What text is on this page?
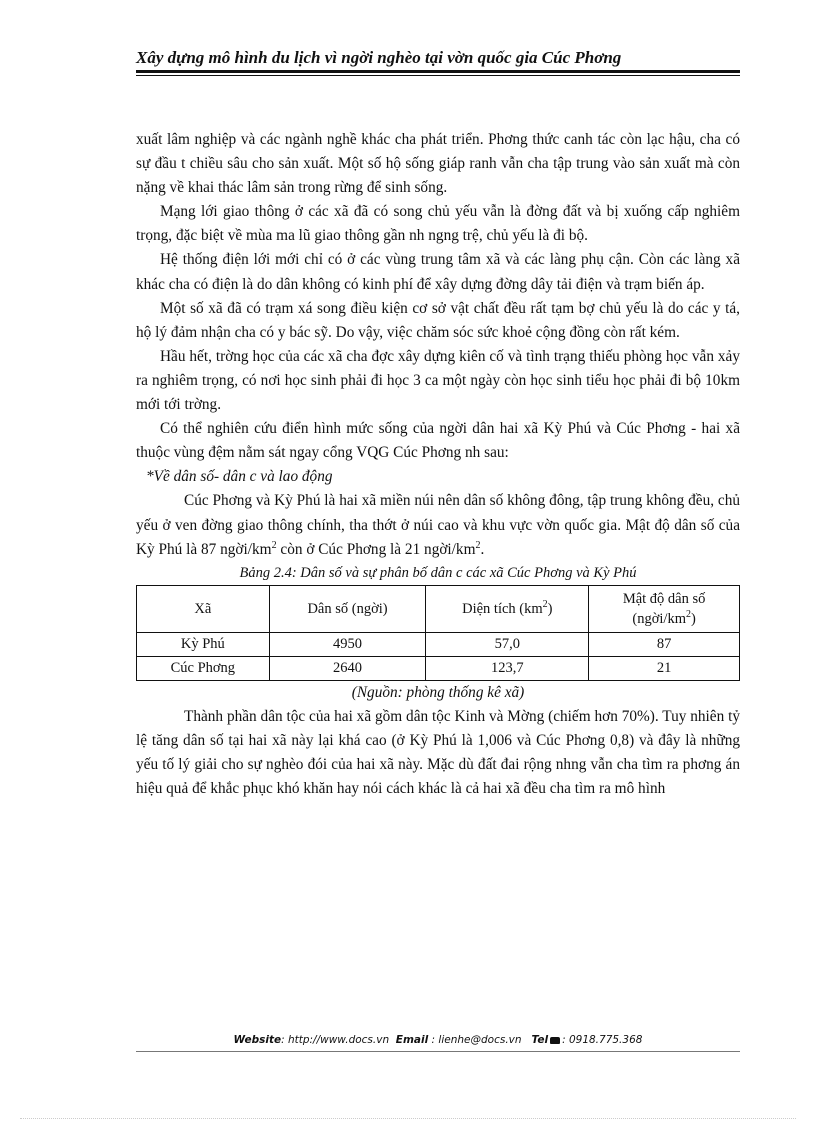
Xây dựng mô hình du lịch vì ngời nghèo tại vờn quốc gia Cúc Phơng

xuất lâm nghiệp và các ngành nghề khác cha phát triển. Phơng thức canh tác còn lạc hậu, cha có sự đầu t chiều sâu cho sản xuất. Một số hộ sống giáp ranh vẫn cha tập trung vào sản xuất mà còn nặng về khai thác lâm sản trong rừng để sinh sống.

Mạng lới giao thông ở các xã đã có song chủ yếu vẫn là đờng đất và bị xuống cấp nghiêm trọng, đặc biệt về mùa ma lũ giao thông gần nh ngng trệ, chủ yếu là đi bộ.

Hệ thống điện lới mới chỉ có ở các vùng trung tâm xã và các làng phụ cận. Còn các làng xã khác cha có điện là do dân không có kinh phí để xây dựng đờng dây tải điện và trạm biến áp.

Một số xã đã có trạm xá song điều kiện cơ sở vật chất đều rất tạm bợ chủ yếu là do các y tá, hộ lý đảm nhận cha có y bác sỹ. Do vậy, việc chăm sóc sức khoẻ cộng đồng còn rất kém.

Hầu hết, trờng học của các xã cha đợc xây dựng kiên cố và tình trạng thiếu phòng học vẫn xảy ra nghiêm trọng, có nơi học sinh phải đi học 3 ca một ngày còn học sinh tiểu học phải đi bộ 10km mới tới trờng.

Có thể nghiên cứu điển hình mức sống của ngời dân hai xã Kỳ Phú và Cúc Phơng - hai xã thuộc vùng đệm nằm sát ngay cổng VQG Cúc Phơng nh sau:

*Về dân số- dân c và lao động

Cúc Phơng và Kỳ Phú là hai xã miền núi nên dân số không đông, tập trung không đều, chủ yếu ở ven đờng giao thông chính, tha thớt ở núi cao và khu vực vờn quốc gia. Mật độ dân số của Kỳ Phú là 87 ngời/$km^2$ còn ở Cúc Phơng là 21 ngời/$km^2$.

Bảng 2.4: Dân số và sự phân bố dân c các xã Cúc Phơng và Kỳ Phú

Xã	Dân số (ngời)	Diện tích $(km^2)$	Mật độ dân số
$(ngời/km^2)$
Kỳ Phú	4950	57,0	87
Cúc Phơng	2640	123,7	21

(Nguồn: phòng thống kê xã)

Thành phần dân tộc của hai xã gồm dân tộc Kinh và Mờng (chiếm hơn 70%). Tuy nhiên tỷ lệ tăng dân số tại hai xã này lại khá cao (ở Kỳ Phú là 1,006 và Cúc Phơng 0,8) và đây là những yếu tố lý giải cho sự nghèo đói của hai xã này. Mặc dù đất đai rộng nhng vẫn cha tìm ra phơng án hiệu quả để khắc phục khó khăn hay nói cách khác là cả hai xã đều cha tìm ra mô hình

Website: http://www.docs.vn Email : lienhe@docs.vn Tel : 0918.775.368
